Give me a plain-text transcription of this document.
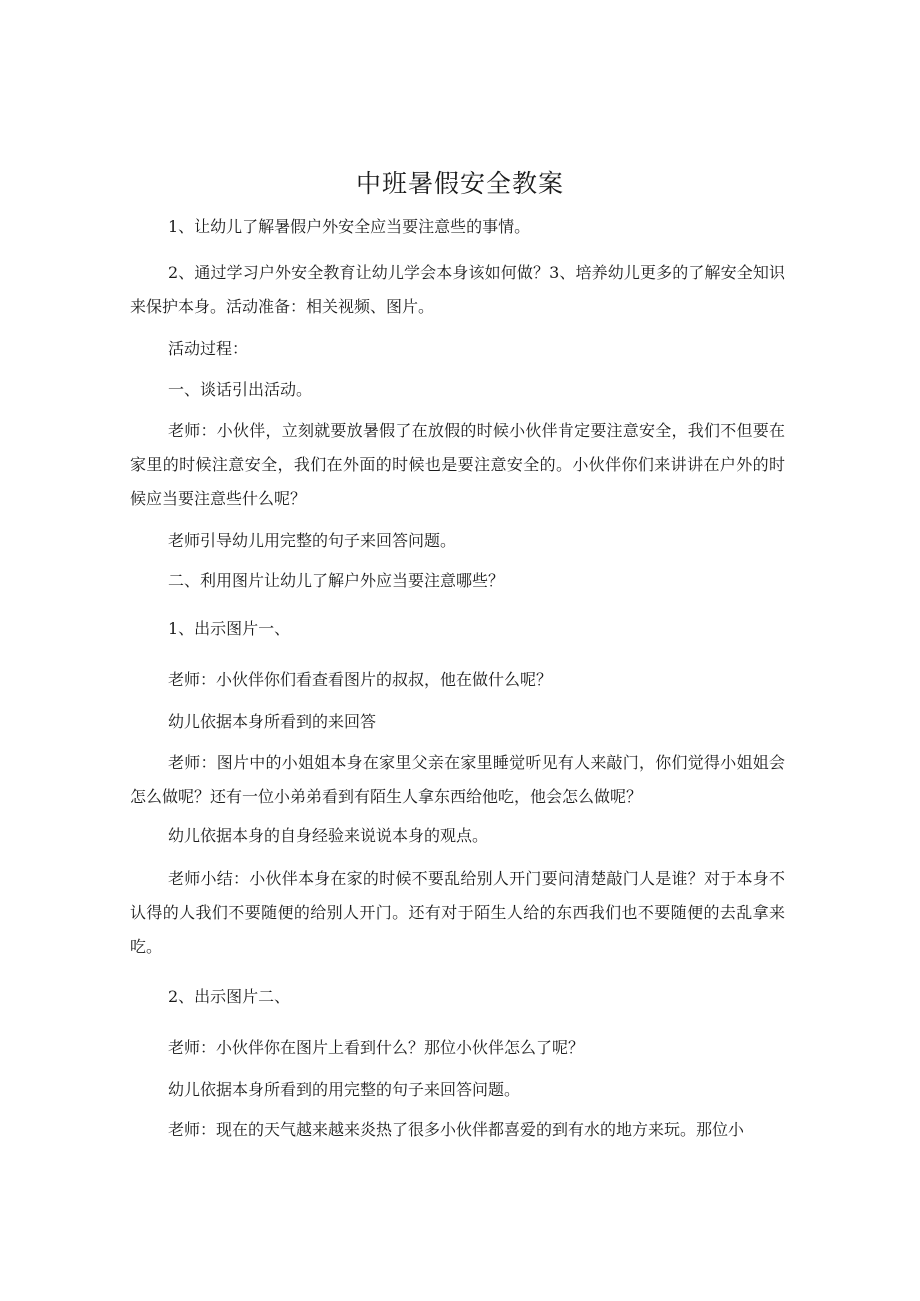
中班暑假安全教案

1、让幼儿了解暑假户外安全应当要注意些的事情。

2、通过学习户外安全教育让幼儿学会本身该如何做？3、培养幼儿更多的了解安全知识来保护本身。活动准备：相关视频、图片。

活动过程：

一、谈话引出活动。

老师：小伙伴，立刻就要放暑假了在放假的时候小伙伴肯定要注意安全，我们不但要在家里的时候注意安全，我们在外面的时候也是要注意安全的。小伙伴你们来讲讲在户外的时候应当要注意些什么呢？

老师引导幼儿用完整的句子来回答问题。

二、利用图片让幼儿了解户外应当要注意哪些？

1、出示图片一、

老师：小伙伴你们看查看图片的叔叔，他在做什么呢？

幼儿依据本身所看到的来回答

老师：图片中的小姐姐本身在家里父亲在家里睡觉听见有人来敲门，你们觉得小姐姐会怎么做呢？还有一位小弟弟看到有陌生人拿东西给他吃，他会怎么做呢？

幼儿依据本身的自身经验来说说本身的观点。

老师小结：小伙伴本身在家的时候不要乱给别人开门要问清楚敲门人是谁？对于本身不认得的人我们不要随便的给别人开门。还有对于陌生人给的东西我们也不要随便的去乱拿来吃。

2、出示图片二、

老师：小伙伴你在图片上看到什么？那位小伙伴怎么了呢？

幼儿依据本身所看到的用完整的句子来回答问题。

老师：现在的天气越来越来炎热了很多小伙伴都喜爱的到有水的地方来玩。那位小
